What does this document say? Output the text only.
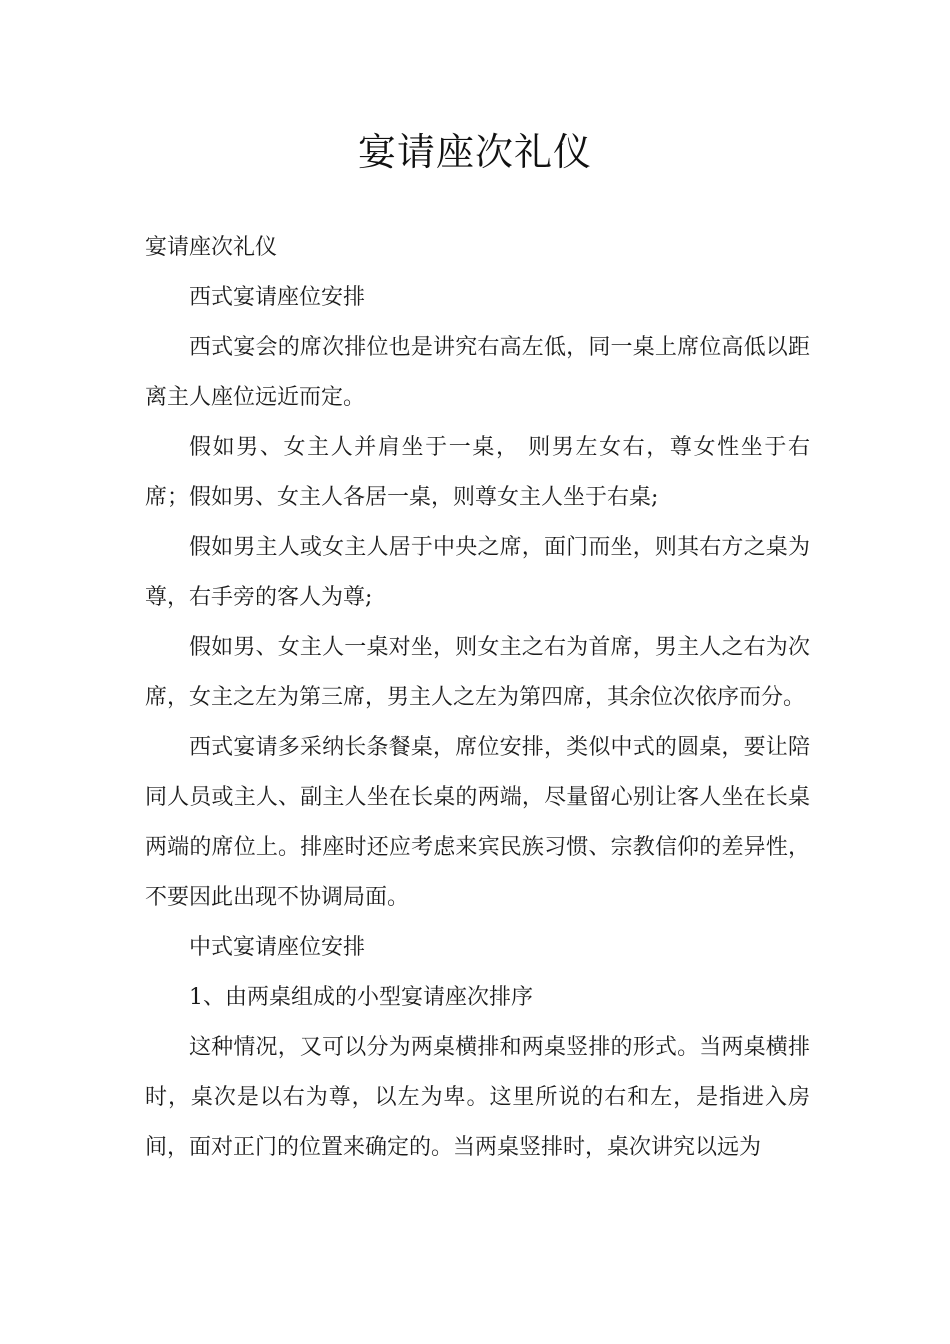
宴请座次礼仪

宴请座次礼仪

西式宴请座位安排

西式宴会的席次排位也是讲究右高左低，同一桌上席位高低以距离主人座位远近而定。

假如男、女主人并肩坐于一桌， 则男左女右，尊女性坐于右席；假如男、女主人各居一桌，则尊女主人坐于右桌;

假如男主人或女主人居于中央之席，面门而坐，则其右方之桌为尊，右手旁的客人为尊;

假如男、女主人一桌对坐，则女主之右为首席，男主人之右为次席，女主之左为第三席，男主人之左为第四席，其余位次依序而分。

西式宴请多采纳长条餐桌，席位安排，类似中式的圆桌，要让陪同人员或主人、副主人坐在长桌的两端，尽量留心别让客人坐在长桌两端的席位上。排座时还应考虑来宾民族习惯、宗教信仰的差异性，不要因此出现不协调局面。

中式宴请座位安排

1、由两桌组成的小型宴请座次排序

这种情况，又可以分为两桌横排和两桌竖排的形式。当两桌横排时，桌次是以右为尊，以左为卑。这里所说的右和左，是指进入房间，面对正门的位置来确定的。当两桌竖排时，桌次讲究以远为
